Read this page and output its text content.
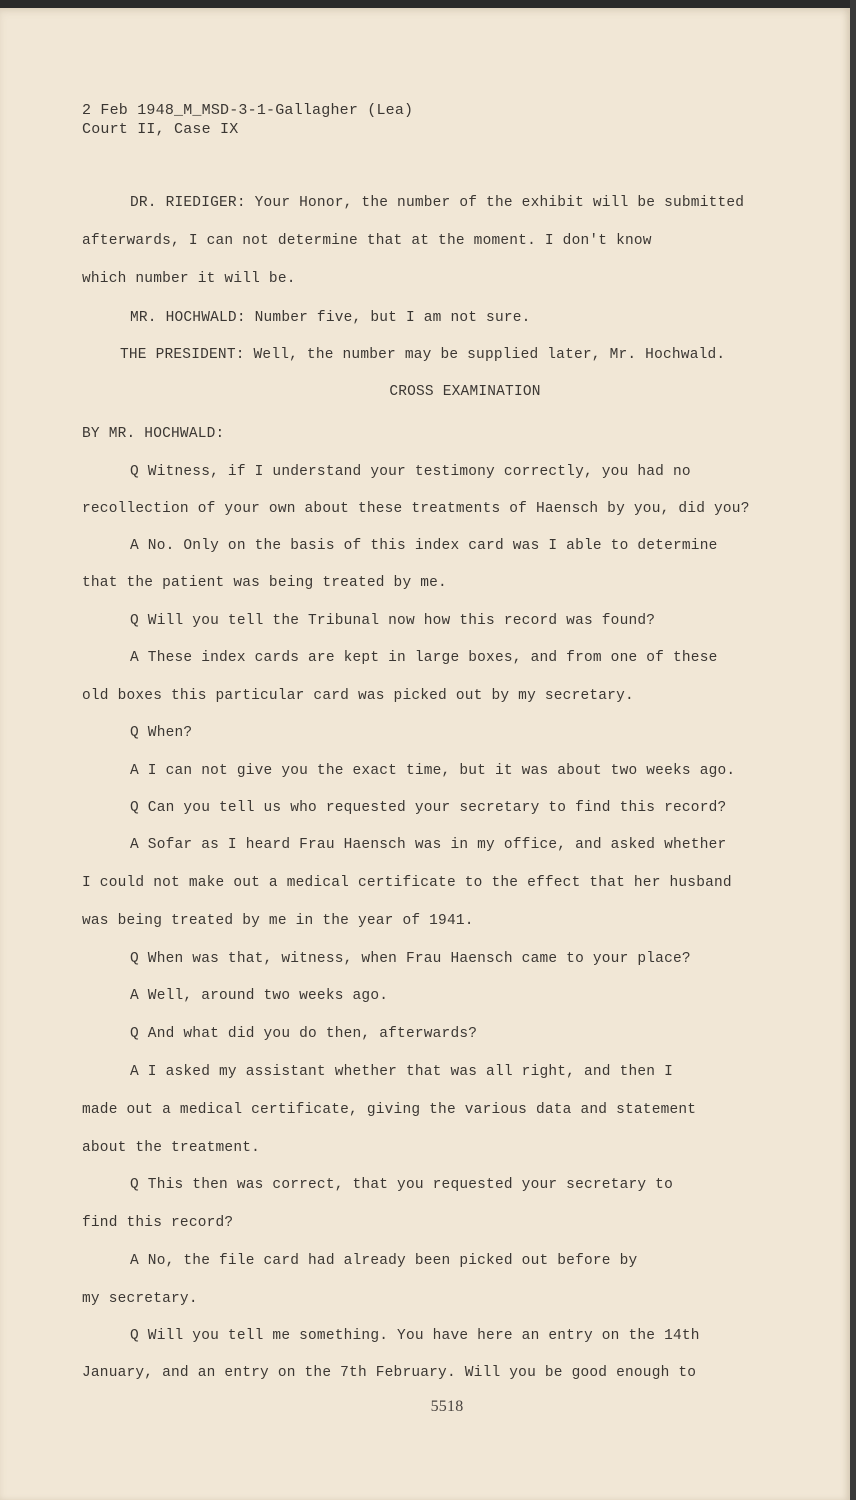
2 Feb 1948_M_MSD-3-1-Gallagher (Lea)
Court II, Case IX
DR. RIEDIGER: Your Honor, the number of the exhibit will be submitted
afterwards, I can not determine that at the moment. I don't know
which number it will be.
MR. HOCHWALD: Number five, but I am not sure.
THE PRESIDENT: Well, the number may be supplied later, Mr. Hochwald.
CROSS EXAMINATION
BY MR. HOCHWALD:
Q Witness, if I understand your testimony correctly, you had no
recollection of your own about these treatments of Haensch by you, did you?
A No. Only on the basis of this index card was I able to determine
that the patient was being treated by me.
Q Will you tell the Tribunal now how this record was found?
A These index cards are kept in large boxes, and from one of these
old boxes this particular card was picked out by my secretary.
Q When?
A I can not give you the exact time, but it was about two weeks ago.
Q Can you tell us who requested your secretary to find this record?
A Sofar as I heard Frau Haensch was in my office, and asked whether
I could not make out a medical certificate to the effect that her husband
was being treated by me in the year of 1941.
Q When was that, witness, when Frau Haensch came to your place?
A Well, around two weeks ago.
Q And what did you do then, afterwards?
A I asked my assistant whether that was all right, and then I
made out a medical certificate, giving the various data and statement
about the treatment.
Q This then was correct, that you requested your secretary to
find this record?
A No, the file card had already been picked out before by
my secretary.
Q Will you tell me something. You have here an entry on the 14th
January, and an entry on the 7th February. Will you be good enough to
5518
